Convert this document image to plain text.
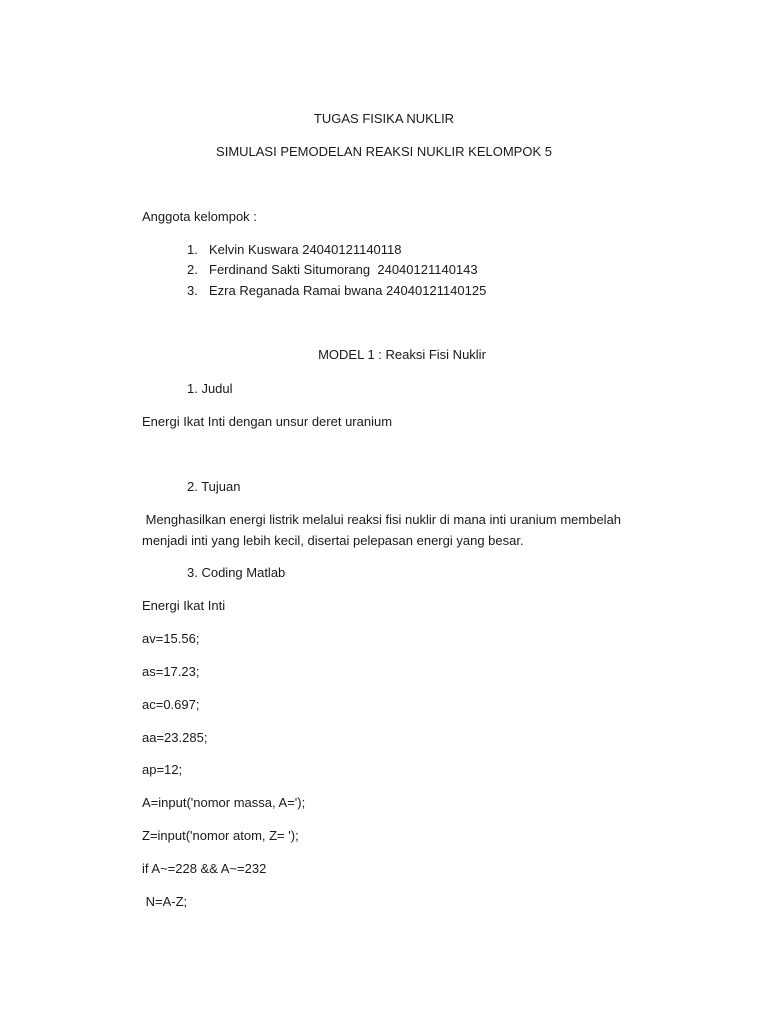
TUGAS FISIKA NUKLIR
SIMULASI PEMODELAN REAKSI NUKLIR KELOMPOK 5
Anggota kelompok :
1. Kelvin Kuswara 24040121140118
2. Ferdinand Sakti Situmorang  24040121140143
3. Ezra Reganada Ramai bwana 24040121140125
MODEL 1 : Reaksi Fisi Nuklir
1. Judul
Energi Ikat Inti dengan unsur deret uranium
2. Tujuan
Menghasilkan energi listrik melalui reaksi fisi nuklir di mana inti uranium membelah
menjadi inti yang lebih kecil, disertai pelepasan energi yang besar.
3. Coding Matlab
Energi Ikat Inti
av=15.56;
as=17.23;
ac=0.697;
aa=23.285;
ap=12;
A=input('nomor massa, A=');
Z=input('nomor atom, Z= ');
if A~=228 && A~=232
N=A-Z;
